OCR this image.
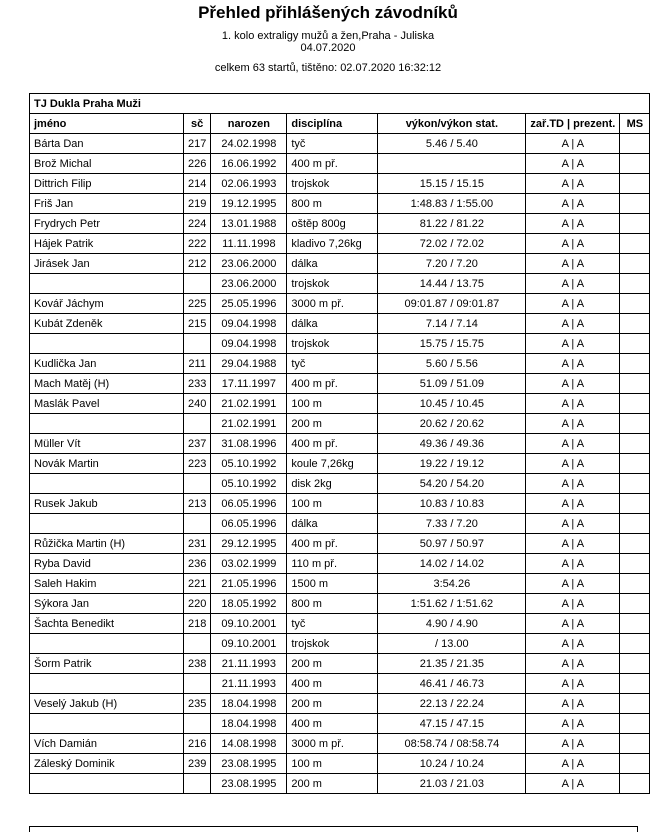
Přehled přihlášených závodníků
1. kolo extraligy mužů a žen,Praha - Juliska
04.07.2020
celkem 63 startů, tištěno: 02.07.2020 16:32:12
TJ Dukla Praha Muži						
jméno	sč	narozen	disciplína	výkon/výkon stat.	zař.TD | prezent.	MS
Bárta Dan	217	24.02.1998	tyč	5.46 / 5.40	A | A	
Brož Michal	226	16.06.1992	400 m př.		A | A	
Dittrich Filip	214	02.06.1993	trojskok	15.15 / 15.15	A | A	
Friš Jan	219	19.12.1995	800 m	1:48.83 / 1:55.00	A | A	
Frydrych Petr	224	13.01.1988	oštěp 800g	81.22 / 81.22	A | A	
Hájek Patrik	222	11.11.1998	kladivo 7,26kg	72.02 / 72.02	A | A	
Jirásek Jan	212	23.06.2000	dálka	7.20 / 7.20	A | A	
		23.06.2000	trojskok	14.44 / 13.75	A | A	
Kovář Jáchym	225	25.05.1996	3000 m př.	09:01.87 / 09:01.87	A | A	
Kubát Zdeněk	215	09.04.1998	dálka	7.14 / 7.14	A | A	
		09.04.1998	trojskok	15.75 / 15.75	A | A	
Kudlička Jan	211	29.04.1988	tyč	5.60 / 5.56	A | A	
Mach Matěj (H)	233	17.11.1997	400 m př.	51.09 / 51.09	A | A	
Maslák Pavel	240	21.02.1991	100 m	10.45 / 10.45	A | A	
		21.02.1991	200 m	20.62 / 20.62	A | A	
Müller Vít	237	31.08.1996	400 m př.	49.36 / 49.36	A | A	
Novák Martin	223	05.10.1992	koule 7,26kg	19.22 / 19.12	A | A	
		05.10.1992	disk 2kg	54.20 / 54.20	A | A	
Rusek Jakub	213	06.05.1996	100 m	10.83 / 10.83	A | A	
		06.05.1996	dálka	7.33 / 7.20	A | A	
Růžička Martin (H)	231	29.12.1995	400 m př.	50.97 / 50.97	A | A	
Ryba David	236	03.02.1999	110 m př.	14.02 / 14.02	A | A	
Saleh Hakim	221	21.05.1996	1500 m	3:54.26	A | A	
Sýkora Jan	220	18.05.1992	800 m	1:51.62 / 1:51.62	A | A	
Šachta Benedikt	218	09.10.2001	tyč	4.90 / 4.90	A | A	
		09.10.2001	trojskok	/ 13.00	A | A	
Šorm Patrik	238	21.11.1993	200 m	21.35 / 21.35	A | A	
		21.11.1993	400 m	46.41 / 46.73	A | A	
Veselý Jakub (H)	235	18.04.1998	200 m	22.13 / 22.24	A | A	
		18.04.1998	400 m	47.15 / 47.15	A | A	
Vích Damián	216	14.08.1998	3000 m př.	08:58.74 / 08:58.74	A | A	
Záleský Dominik	239	23.08.1995	100 m	10.24 / 10.24	A | A	
		23.08.1995	200 m	21.03 / 21.03	A | A	
